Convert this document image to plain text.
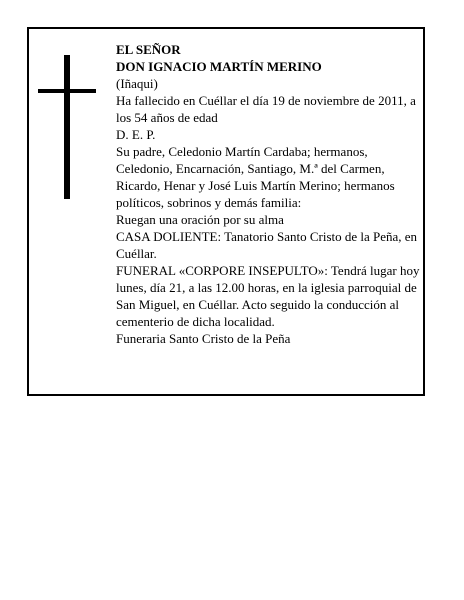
EL SEÑOR
DON IGNACIO MARTÍN MERINO
(Iñaqui)
Ha fallecido en Cuéllar el día 19 de noviembre de 2011, a los 54 años de edad
D. E. P.
Su padre, Celedonio Martín Cardaba; hermanos, Celedonio, Encarnación, Santiago, M.ª del Carmen, Ricardo, Henar y José Luis Martín Merino; hermanos políticos, sobrinos y demás familia:
Ruegan una oración por su alma
CASA DOLIENTE: Tanatorio Santo Cristo de la Peña, en Cuéllar.
FUNERAL «CORPORE INSEPULTO»: Tendrá lugar hoy lunes, día 21, a las 12.00 horas, en la iglesia parroquial de San Miguel, en Cuéllar. Acto seguido la conducción al cementerio de dicha localidad.
Funeraria Santo Cristo de la Peña
